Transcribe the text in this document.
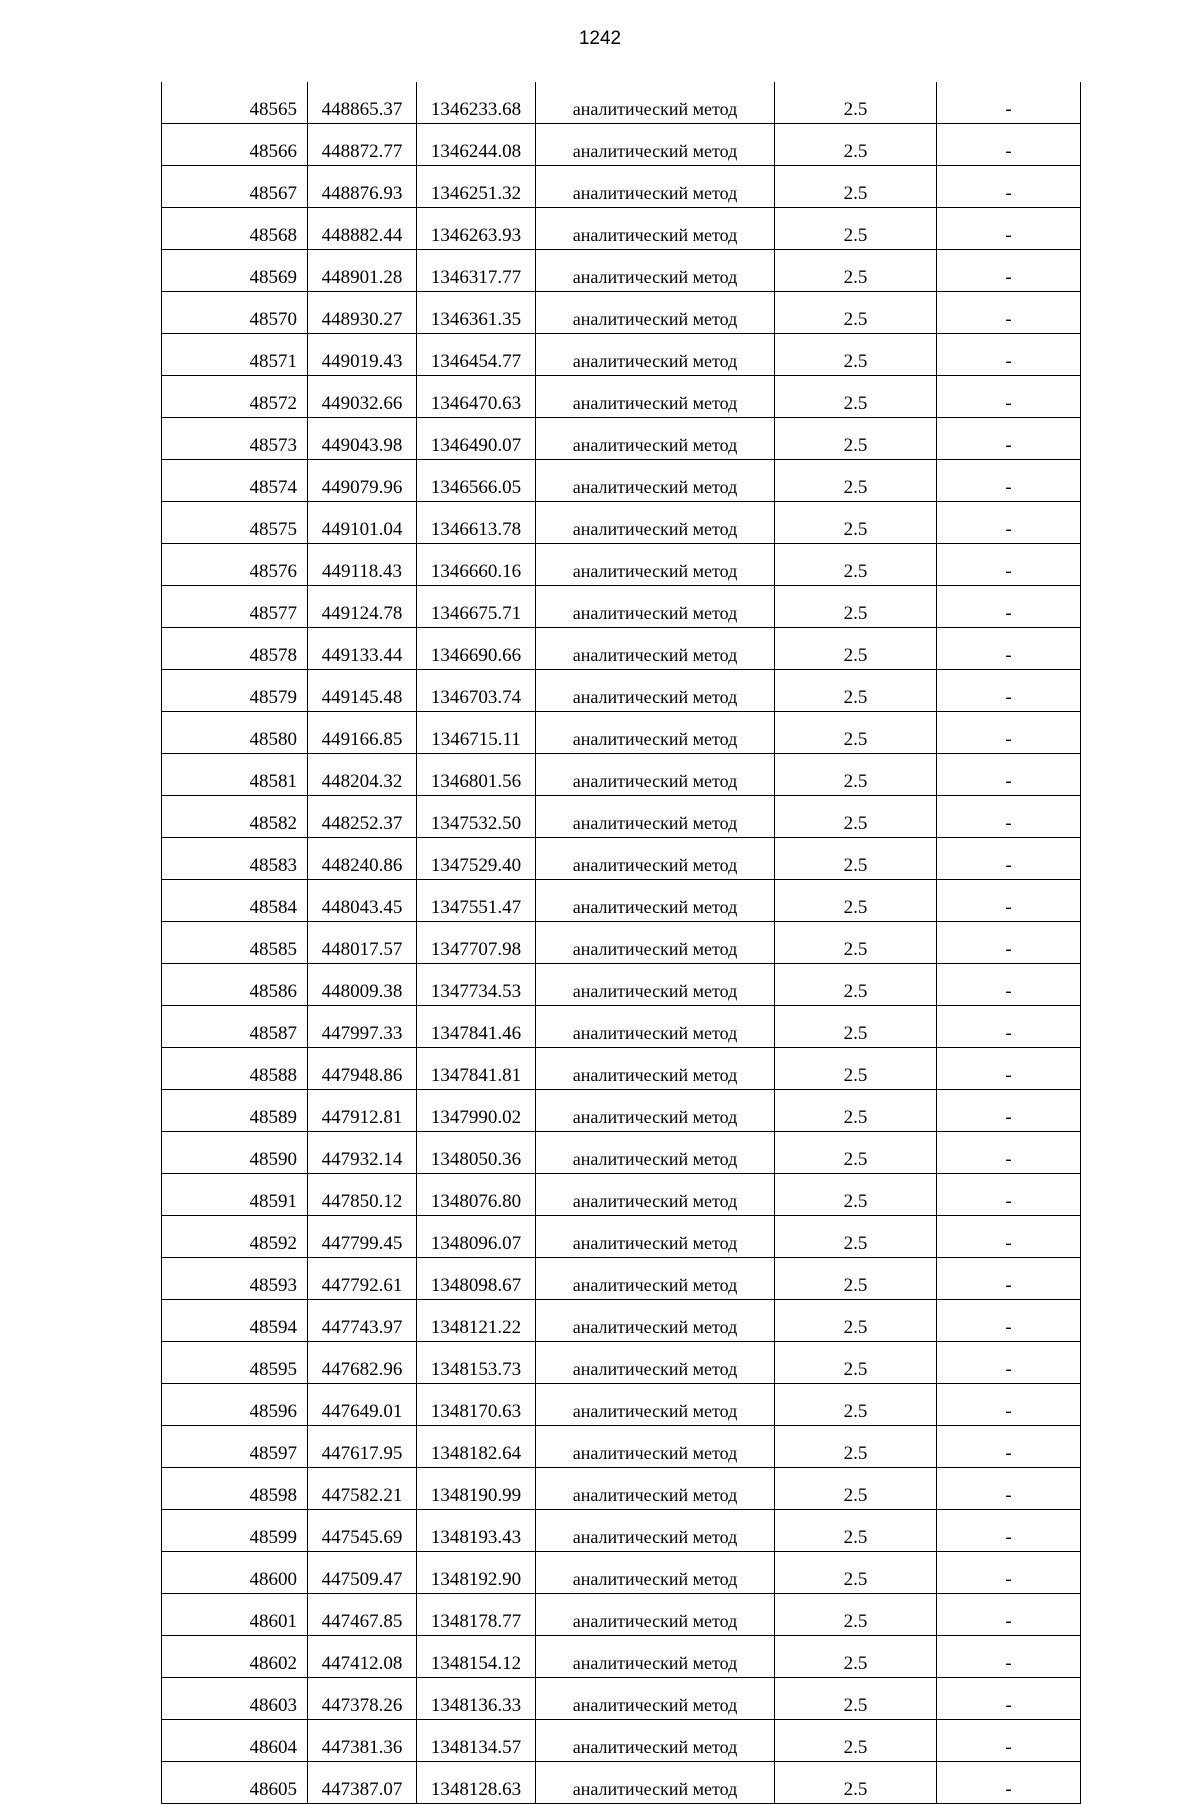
1242
48565	448865.37	1346233.68	аналитический метод	2.5	-
48566	448872.77	1346244.08	аналитический метод	2.5	-
48567	448876.93	1346251.32	аналитический метод	2.5	-
48568	448882.44	1346263.93	аналитический метод	2.5	-
48569	448901.28	1346317.77	аналитический метод	2.5	-
48570	448930.27	1346361.35	аналитический метод	2.5	-
48571	449019.43	1346454.77	аналитический метод	2.5	-
48572	449032.66	1346470.63	аналитический метод	2.5	-
48573	449043.98	1346490.07	аналитический метод	2.5	-
48574	449079.96	1346566.05	аналитический метод	2.5	-
48575	449101.04	1346613.78	аналитический метод	2.5	-
48576	449118.43	1346660.16	аналитический метод	2.5	-
48577	449124.78	1346675.71	аналитический метод	2.5	-
48578	449133.44	1346690.66	аналитический метод	2.5	-
48579	449145.48	1346703.74	аналитический метод	2.5	-
48580	449166.85	1346715.11	аналитический метод	2.5	-
48581	448204.32	1346801.56	аналитический метод	2.5	-
48582	448252.37	1347532.50	аналитический метод	2.5	-
48583	448240.86	1347529.40	аналитический метод	2.5	-
48584	448043.45	1347551.47	аналитический метод	2.5	-
48585	448017.57	1347707.98	аналитический метод	2.5	-
48586	448009.38	1347734.53	аналитический метод	2.5	-
48587	447997.33	1347841.46	аналитический метод	2.5	-
48588	447948.86	1347841.81	аналитический метод	2.5	-
48589	447912.81	1347990.02	аналитический метод	2.5	-
48590	447932.14	1348050.36	аналитический метод	2.5	-
48591	447850.12	1348076.80	аналитический метод	2.5	-
48592	447799.45	1348096.07	аналитический метод	2.5	-
48593	447792.61	1348098.67	аналитический метод	2.5	-
48594	447743.97	1348121.22	аналитический метод	2.5	-
48595	447682.96	1348153.73	аналитический метод	2.5	-
48596	447649.01	1348170.63	аналитический метод	2.5	-
48597	447617.95	1348182.64	аналитический метод	2.5	-
48598	447582.21	1348190.99	аналитический метод	2.5	-
48599	447545.69	1348193.43	аналитический метод	2.5	-
48600	447509.47	1348192.90	аналитический метод	2.5	-
48601	447467.85	1348178.77	аналитический метод	2.5	-
48602	447412.08	1348154.12	аналитический метод	2.5	-
48603	447378.26	1348136.33	аналитический метод	2.5	-
48604	447381.36	1348134.57	аналитический метод	2.5	-
48605	447387.07	1348128.63	аналитический метод	2.5	-
